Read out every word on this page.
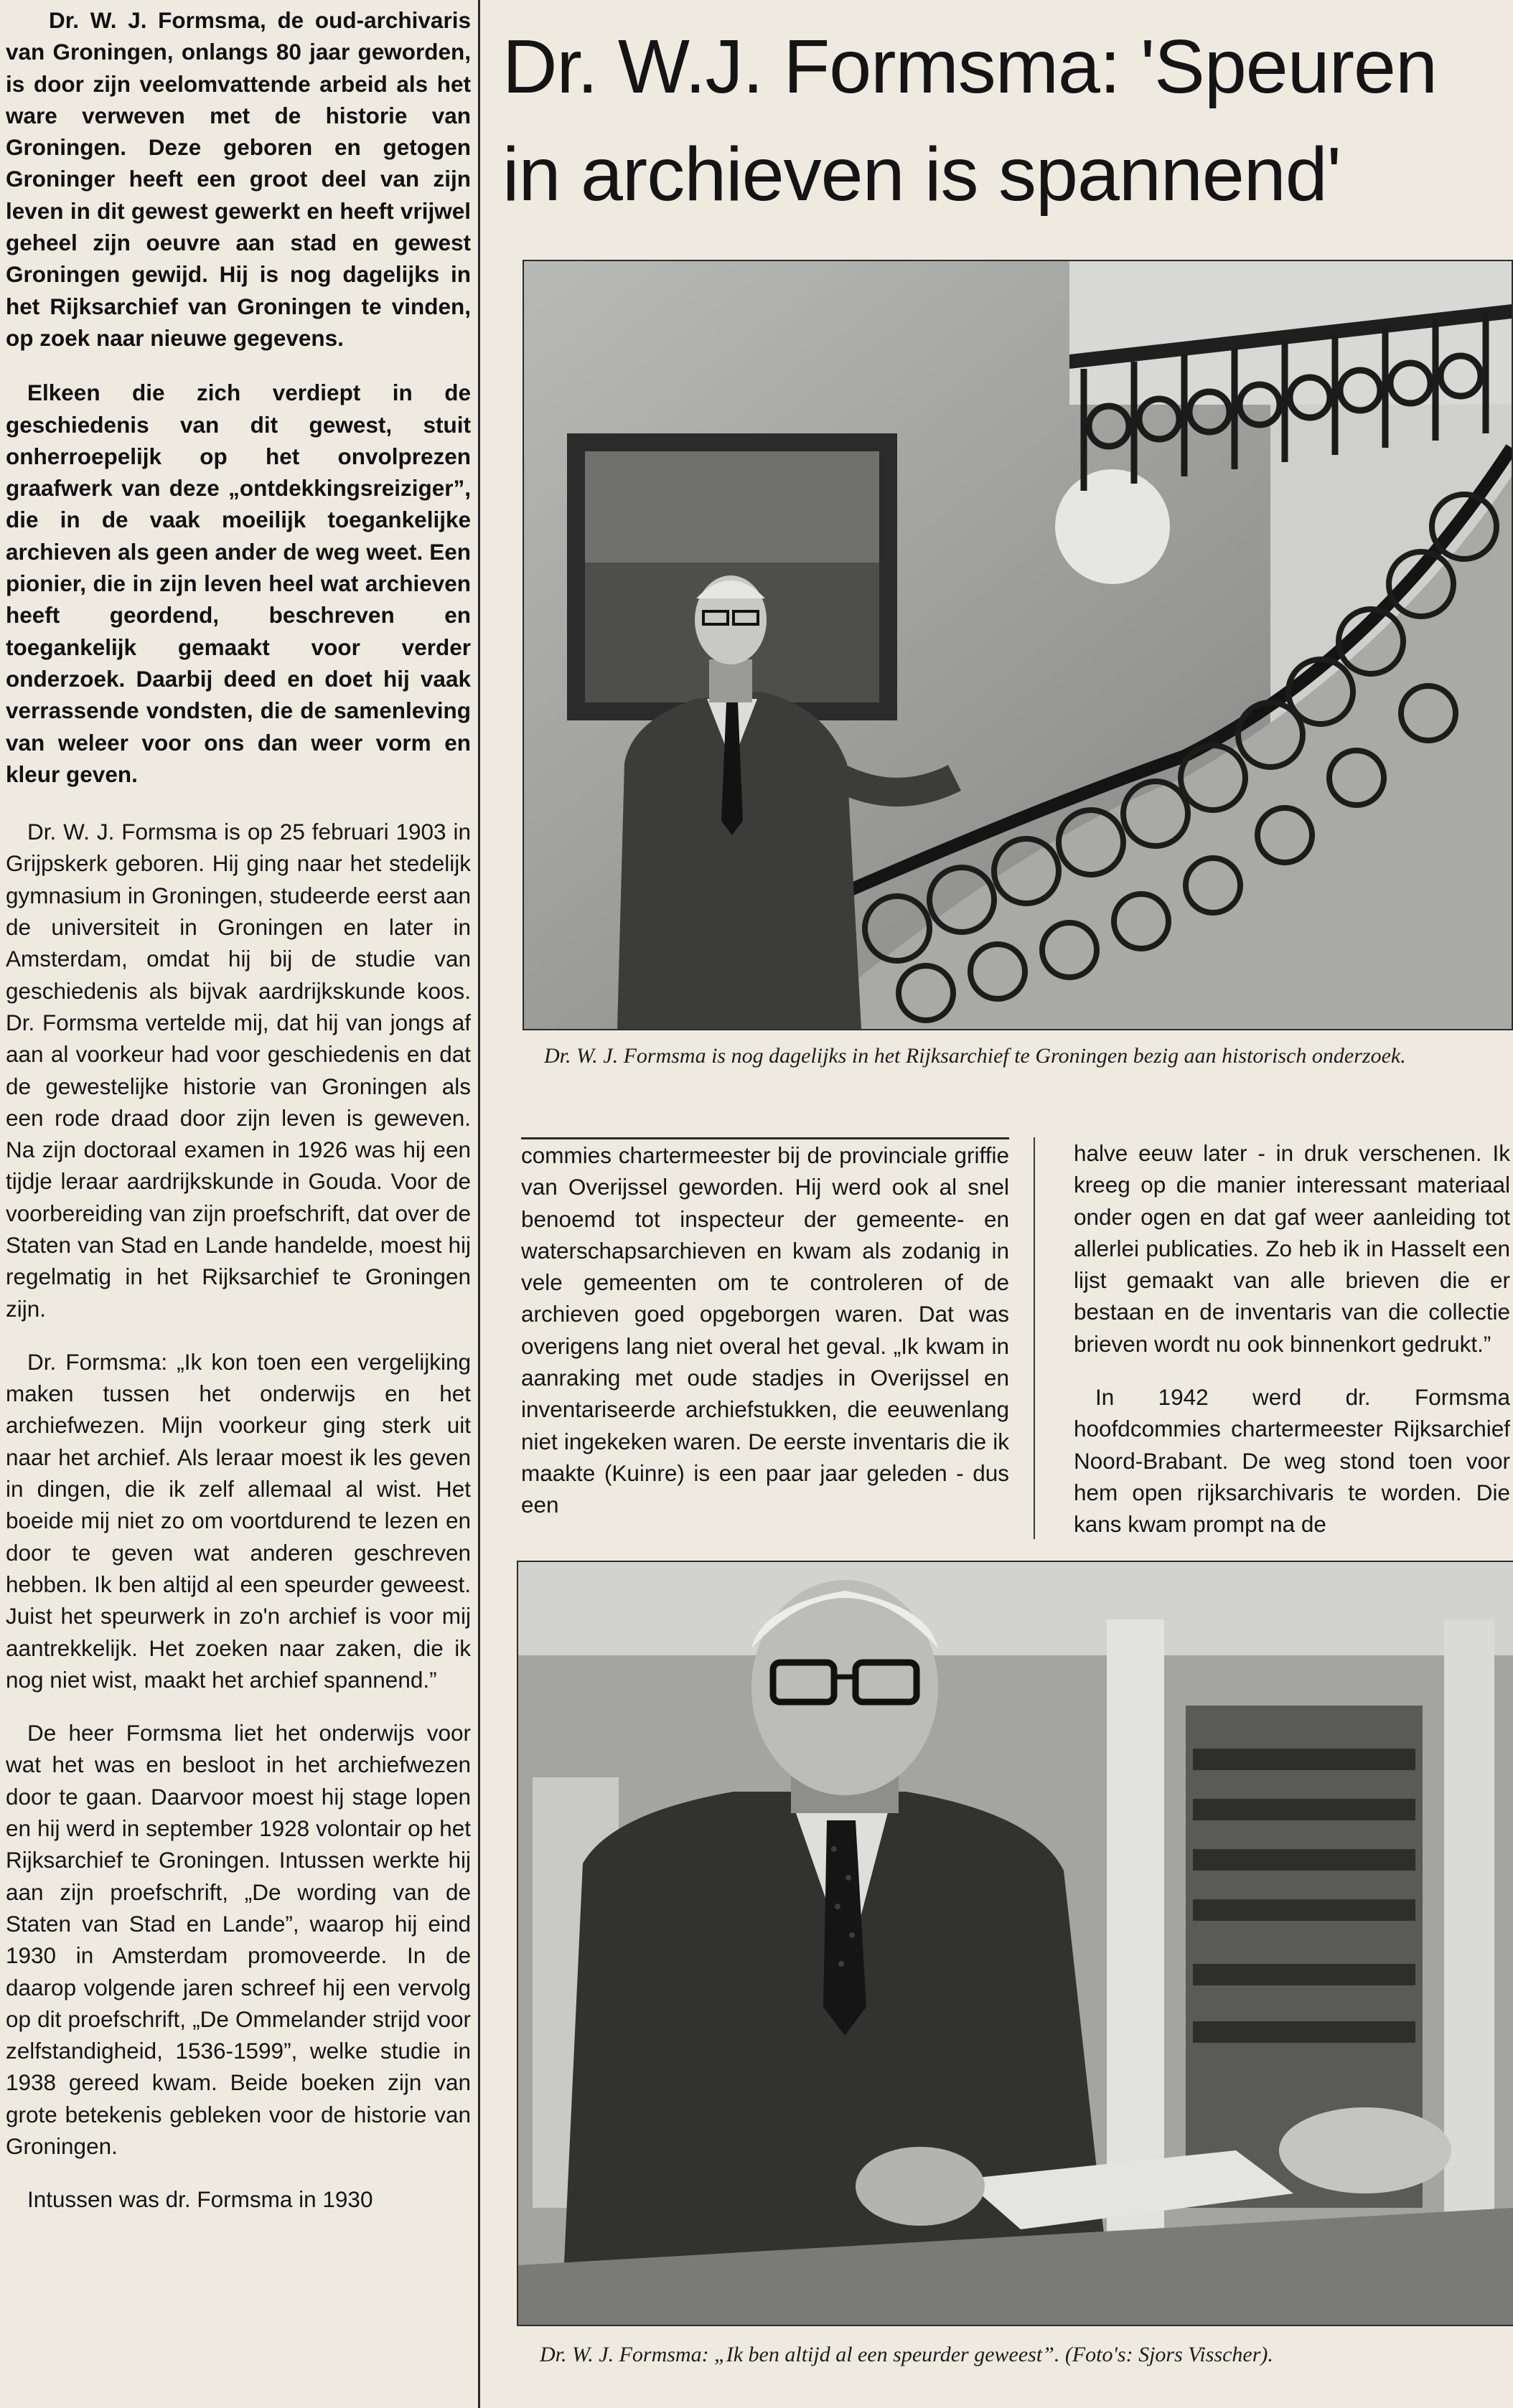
Dr. W. J. Formsma, de oud-archivaris van Groningen, onlangs 80 jaar geworden, is door zijn veelomvattende arbeid als het ware verweven met de historie van Groningen. Deze geboren en getogen Groninger heeft een groot deel van zijn leven in dit gewest gewerkt en heeft vrijwel geheel zijn oeuvre aan stad en gewest Groningen gewijd. Hij is nog dagelijks in het Rijksarchief van Groningen te vinden, op zoek naar nieuwe gegevens.

Elkeen die zich verdiept in de geschiedenis van dit gewest, stuit onherroepelijk op het onvolprezen graafwerk van deze „ontdekkingsreiziger”, die in de vaak moeilijk toegankelijke archieven als geen ander de weg weet. Een pionier, die in zijn leven heel wat archieven heeft geordend, beschreven en toegankelijk gemaakt voor verder onderzoek. Daarbij deed en doet hij vaak verrassende vondsten, die de samenleving van weleer voor ons dan weer vorm en kleur geven.

Dr. W. J. Formsma is op 25 februari 1903 in Grijpskerk geboren. Hij ging naar het stedelijk gymnasium in Groningen, studeerde eerst aan de universiteit in Groningen en later in Amsterdam, omdat hij bij de studie van geschiedenis als bijvak aardrijkskunde koos. Dr. Formsma vertelde mij, dat hij van jongs af aan al voorkeur had voor geschiedenis en dat de gewestelijke historie van Groningen als een rode draad door zijn leven is geweven. Na zijn doctoraal examen in 1926 was hij een tijdje leraar aardrijkskunde in Gouda. Voor de voorbereiding van zijn proefschrift, dat over de Staten van Stad en Lande handelde, moest hij regelmatig in het Rijksarchief te Groningen zijn.

Dr. Formsma: „Ik kon toen een vergelijking maken tussen het onderwijs en het archiefwezen. Mijn voorkeur ging sterk uit naar het archief. Als leraar moest ik les geven in dingen, die ik zelf allemaal al wist. Het boeide mij niet zo om voortdurend te lezen en door te geven wat anderen geschreven hebben. Ik ben altijd al een speurder geweest. Juist het speurwerk in zo'n archief is voor mij aantrekkelijk. Het zoeken naar zaken, die ik nog niet wist, maakt het archief spannend.”

De heer Formsma liet het onderwijs voor wat het was en besloot in het archiefwezen door te gaan. Daarvoor moest hij stage lopen en hij werd in september 1928 volontair op het Rijksarchief te Groningen. Intussen werkte hij aan zijn proefschrift, „De wording van de Staten van Stad en Lande”, waarop hij eind 1930 in Amsterdam promoveerde. In de daarop volgende jaren schreef hij een vervolg op dit proefschrift, „De Ommelander strijd voor zelfstandigheid, 1536-1599”, welke studie in 1938 gereed kwam. Beide boeken zijn van grote betekenis gebleken voor de historie van Groningen.

Intussen was dr. Formsma in 1930

Dr. W.J. Formsma: 'Speuren in archieven is spannend'
Dr. W. J. Formsma is nog dagelijks in het Rijksarchief te Groningen bezig aan historisch onderzoek.

commies chartermeester bij de provinciale griffie van Overijssel geworden. Hij werd ook al snel benoemd tot inspecteur der gemeente- en waterschapsarchieven en kwam als zodanig in vele gemeenten om te controleren of de archieven goed opgeborgen waren. Dat was overigens lang niet overal het geval. „Ik kwam in aanraking met oude stadjes in Overijssel en inventariseerde archiefstukken, die eeuwenlang niet ingekeken waren. De eerste inventaris die ik maakte (Kuinre) is een paar jaar geleden - dus een

halve eeuw later - in druk verschenen. Ik kreeg op die manier interessant materiaal onder ogen en dat gaf weer aanleiding tot allerlei publicaties. Zo heb ik in Hasselt een lijst gemaakt van alle brieven die er bestaan en de inventaris van die collectie brieven wordt nu ook binnenkort gedrukt.”

In 1942 werd dr. Formsma hoofdcommies chartermeester Rijksarchief Noord-Brabant. De weg stond toen voor hem open rijksarchivaris te worden. Die kans kwam prompt na de

Dr. W. J. Formsma: „Ik ben altijd al een speurder geweest”. (Foto's: Sjors Visscher).
